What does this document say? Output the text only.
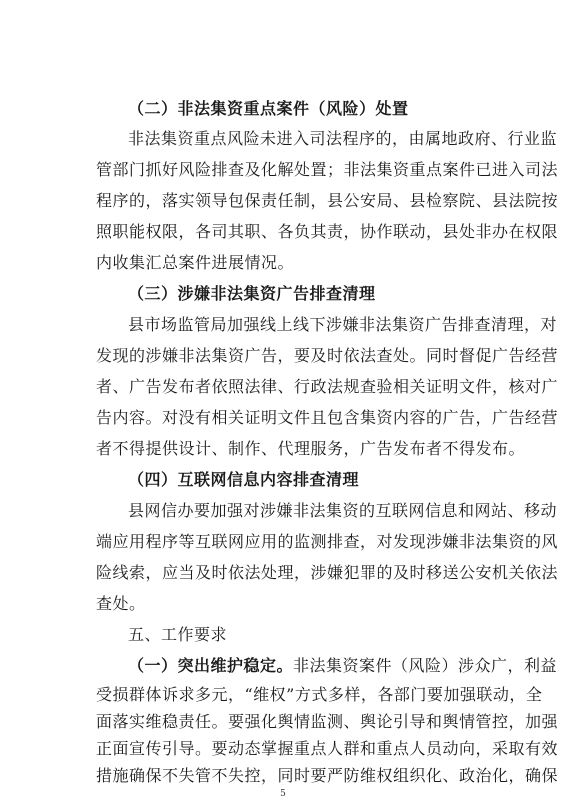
（二）非法集资重点案件（风险）处置
非法集资重点风险未进入司法程序的，由属地政府、行业监
管部门抓好风险排查及化解处置；非法集资重点案件已进入司法
程序的，落实领导包保责任制，县公安局、县检察院、县法院按
照职能权限，各司其职、各负其责，协作联动，县处非办在权限
内收集汇总案件进展情况。
（三）涉嫌非法集资广告排查清理
县市场监管局加强线上线下涉嫌非法集资广告排查清理，对
发现的涉嫌非法集资广告，要及时依法查处。同时督促广告经营
者、广告发布者依照法律、行政法规查验相关证明文件，核对广
告内容。对没有相关证明文件且包含集资内容的广告，广告经营
者不得提供设计、制作、代理服务，广告发布者不得发布。
（四）互联网信息内容排查清理
县网信办要加强对涉嫌非法集资的互联网信息和网站、移动
端应用程序等互联网应用的监测排查，对发现涉嫌非法集资的风
险线索，应当及时依法处理，涉嫌犯罪的及时移送公安机关依法
查处。
五、工作要求
（一）突出维护稳定。非法集资案件（风险）涉众广，利益
5
受损群体诉求多元，“维权”方式多样，各部门要加强联动，全
面落实维稳责任。要强化舆情监测、舆论引导和舆情管控，加强
正面宣传引导。要动态掌握重点人群和重点人员动向，采取有效
措施确保不失管不失控，同时要严防维权组织化、政治化，确保
